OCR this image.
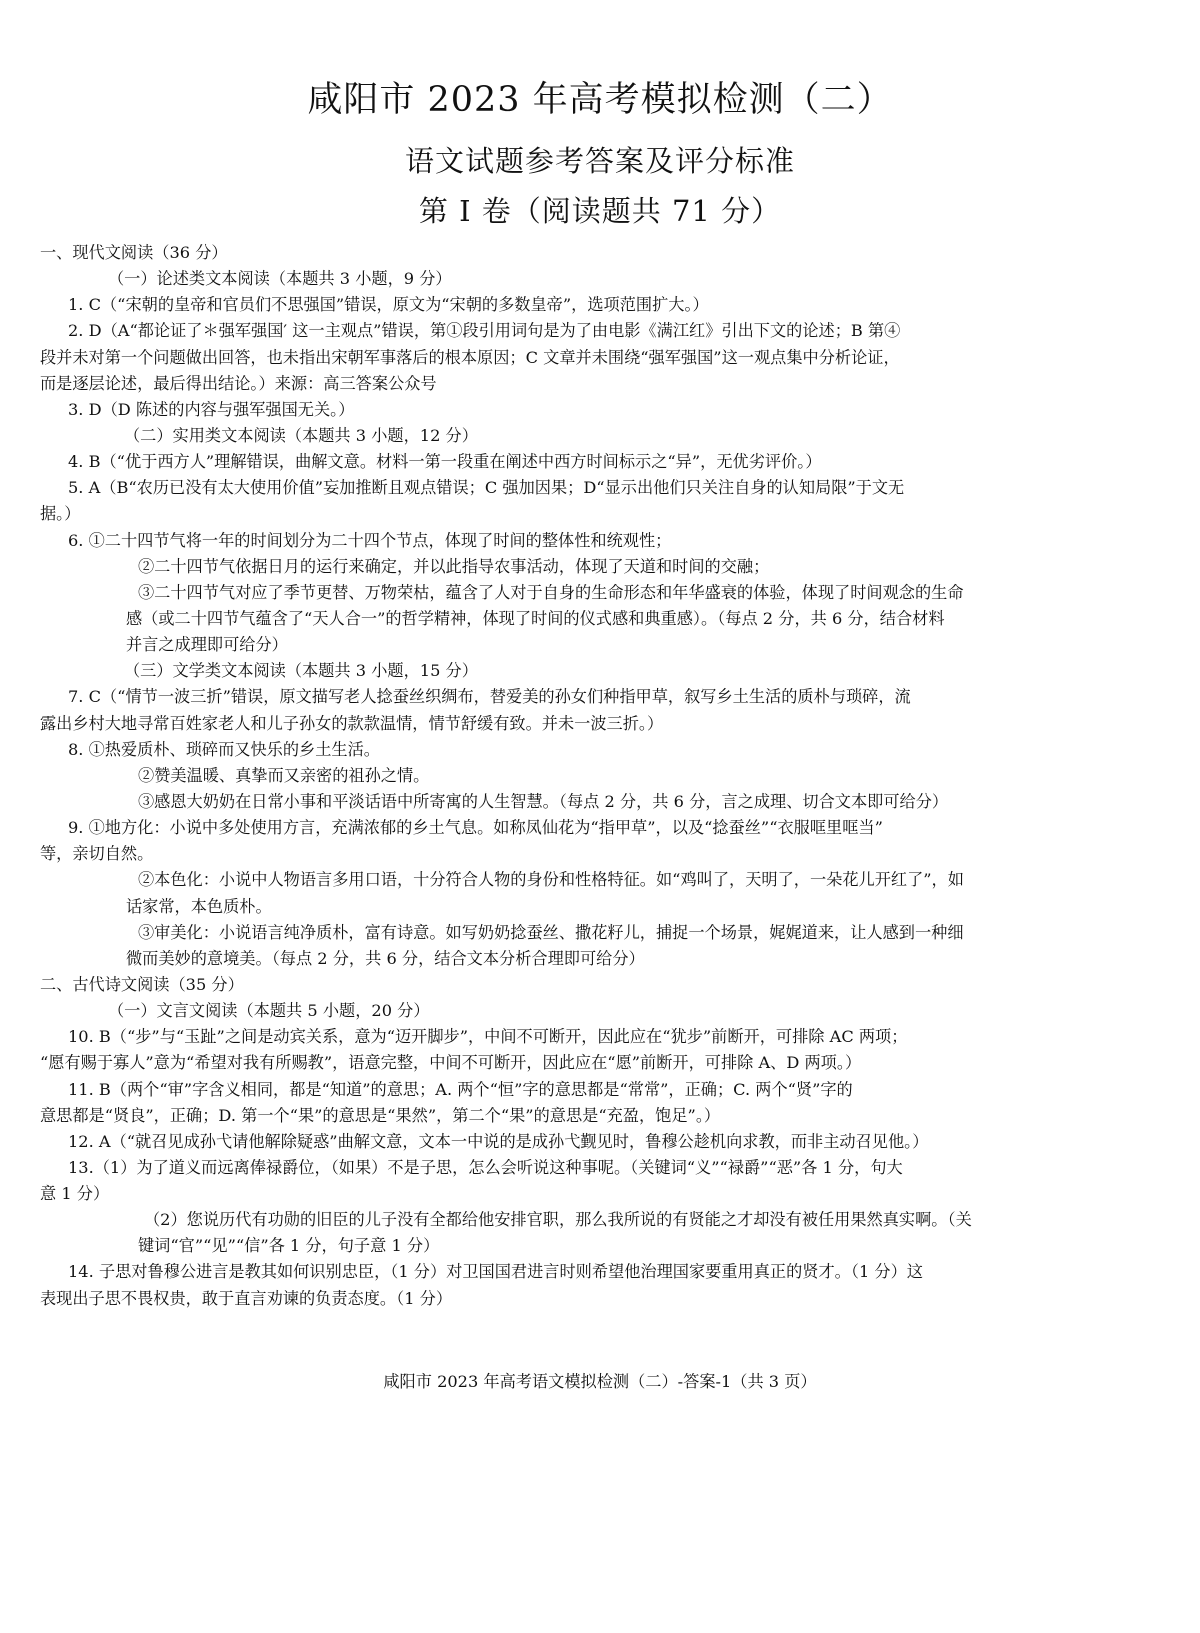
咸阳市 2023 年高考模拟检测（二）
语文试题参考答案及评分标准
第 I 卷（阅读题共 71 分）
一、现代文阅读（36 分）
（一）论述类文本阅读（本题共 3 小题，9 分）
1. C（“宋朝的皇帝和官员们不思强国”错误，原文为“宋朝的多数皇帝”，选项范围扩大。）
2. D（A“都论证了＊强军强国′ 这一主观点”错误，第①段引用词句是为了由电影《满江红》引出下文的论述；B 第④
段并未对第一个问题做出回答，也未指出宋朝军事落后的根本原因；C 文章并未围绕“强军强国”这一观点集中分析论证，
而是逐层论述，最后得出结论。）来源：高三答案公众号
3. D（D 陈述的内容与强军强国无关。）
（二）实用类文本阅读（本题共 3 小题，12 分）
4. B（“优于西方人”理解错误，曲解文意。材料一第一段重在阐述中西方时间标示之“异”，无优劣评价。）
5. A（B“农历已没有太大使用价值”妄加推断且观点错误；C 强加因果；D“显示出他们只关注自身的认知局限”于文无
据。）
6. ①二十四节气将一年的时间划分为二十四个节点，体现了时间的整体性和统观性；
②二十四节气依据日月的运行来确定，并以此指导农事活动，体现了天道和时间的交融；
③二十四节气对应了季节更替、万物荣枯，蕴含了人对于自身的生命形态和年华盛衰的体验，体现了时间观念的生命
感（或二十四节气蕴含了“天人合一”的哲学精神，体现了时间的仪式感和典重感）。（每点 2 分，共 6 分，结合材料
并言之成理即可给分）
（三）文学类文本阅读（本题共 3 小题，15 分）
7. C（“情节一波三折”错误，原文描写老人捻蚕丝织绸布，替爱美的孙女们种指甲草，叙写乡土生活的质朴与琐碎，流
露出乡村大地寻常百姓家老人和儿子孙女的款款温情，情节舒缓有致。并未一波三折。）
8. ①热爱质朴、琐碎而又快乐的乡土生活。
②赞美温暖、真挚而又亲密的祖孙之情。
③感恩大奶奶在日常小事和平淡话语中所寄寓的人生智慧。（每点 2 分，共 6 分，言之成理、切合文本即可给分）
9. ①地方化：小说中多处使用方言，充满浓郁的乡土气息。如称凤仙花为“指甲草”，以及“捻蚕丝”“衣服哐里哐当”
等，亲切自然。
②本色化：小说中人物语言多用口语，十分符合人物的身份和性格特征。如“鸡叫了，天明了，一朵花儿开红了”，如
话家常，本色质朴。
③审美化：小说语言纯净质朴，富有诗意。如写奶奶捻蚕丝、撒花籽儿，捕捉一个场景，娓娓道来，让人感到一种细
微而美妙的意境美。（每点 2 分，共 6 分，结合文本分析合理即可给分）
二、古代诗文阅读（35 分）
（一）文言文阅读（本题共 5 小题，20 分）
10. B（“步”与“玉趾”之间是动宾关系，意为“迈开脚步”，中间不可断开，因此应在“犹步”前断开，可排除 AC 两项；
“愿有赐于寡人”意为“希望对我有所赐教”，语意完整，中间不可断开，因此应在“愿”前断开，可排除 A、D 两项。）
11. B（两个“审”字含义相同，都是“知道”的意思；A. 两个“恒”字的意思都是“常常”，正确；C. 两个“贤”字的
意思都是“贤良”，正确；D. 第一个“果”的意思是“果然”，第二个“果”的意思是“充盈，饱足”。）
12. A（“就召见成孙弋请他解除疑惑”曲解文意，文本一中说的是成孙弋觐见时，鲁穆公趁机向求教，而非主动召见他。）
13.（1）为了道义而远离俸禄爵位，（如果）不是子思，怎么会听说这种事呢。（关键词“义”“禄爵”“恶”各 1 分，句大
意 1 分）
（2）您说历代有功勋的旧臣的儿子没有全都给他安排官职，那么我所说的有贤能之才却没有被任用果然真实啊。（关
键词“官”“见”“信”各 1 分，句子意 1 分）
14. 子思对鲁穆公进言是教其如何识别忠臣，（1 分）对卫国国君进言时则希望他治理国家要重用真正的贤才。（1 分）这
表现出子思不畏权贵，敢于直言劝谏的负责态度。（1 分）
咸阳市 2023 年高考语文模拟检测（二）-答案-1（共 3 页）
